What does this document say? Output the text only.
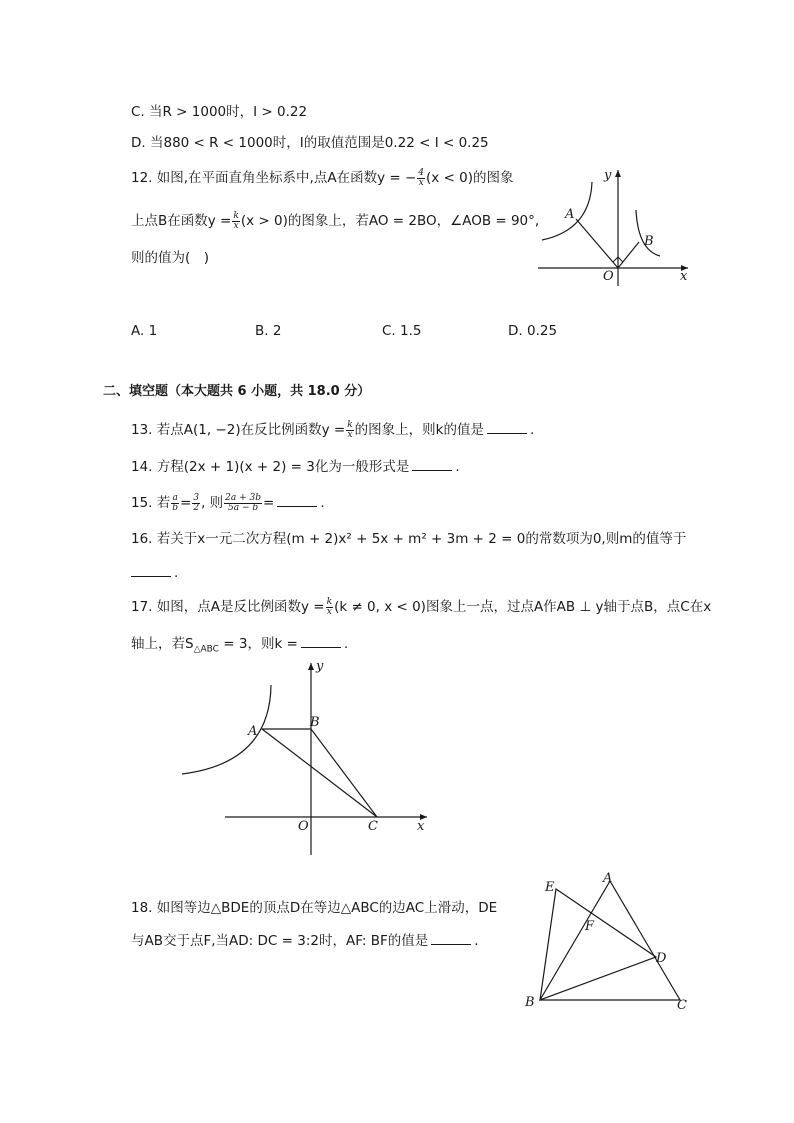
C. 当R > 1000时，I > 0.22
D. 当880 < R < 1000时，I的取值范围是0.22 < I < 0.25
12. 如图,在平面直角坐标系中,点A在函数y = − $\frac{4}{x} (x < 0)$的图象
上点B在函数$y = \frac{k}{x} (x > 0)$的图象上，若AO = 2BO，∠AOB = 90°,
则的值为(　)
y
x
A
B
O
A. 1	B. 2	C. 1.5	D. 0.25
二、填空题（本大题共 6 小题，共 18.0 分）
13. 若点A(1, −2)在反比例函数$y = \frac{k}{x}$ 的图象上，则k的值是	.
14. 方程(2x + 1)(x + 2) = 3化为一般形式是	.
15. 若 $\frac{a}{b} = \frac{3}{2}$ , 则 $\frac{2a + 3b}{5a - b}$ =	.
16. 若关于x一元二次方程(m + 2)x² + 5x + m² + 3m + 2 = 0的常数项为0,则m的值等于
.
17. 如图，点A是反比例函数$y = \frac{k}{x} (k \ne 0$, x < 0)图象上一点，过点A作AB ⊥ y轴于点B，点C在x
轴上，若$S_{\triangle ABC} = 3$，则k =	.
y
x
A
B
C
O
18. 如图等边△BDE的顶点D在等边△ABC的边AC上滑动，DE
与AB交于点F,当AD: DC = 3:2时，AF: BF的值是	.
A
B	C
D
E
F
